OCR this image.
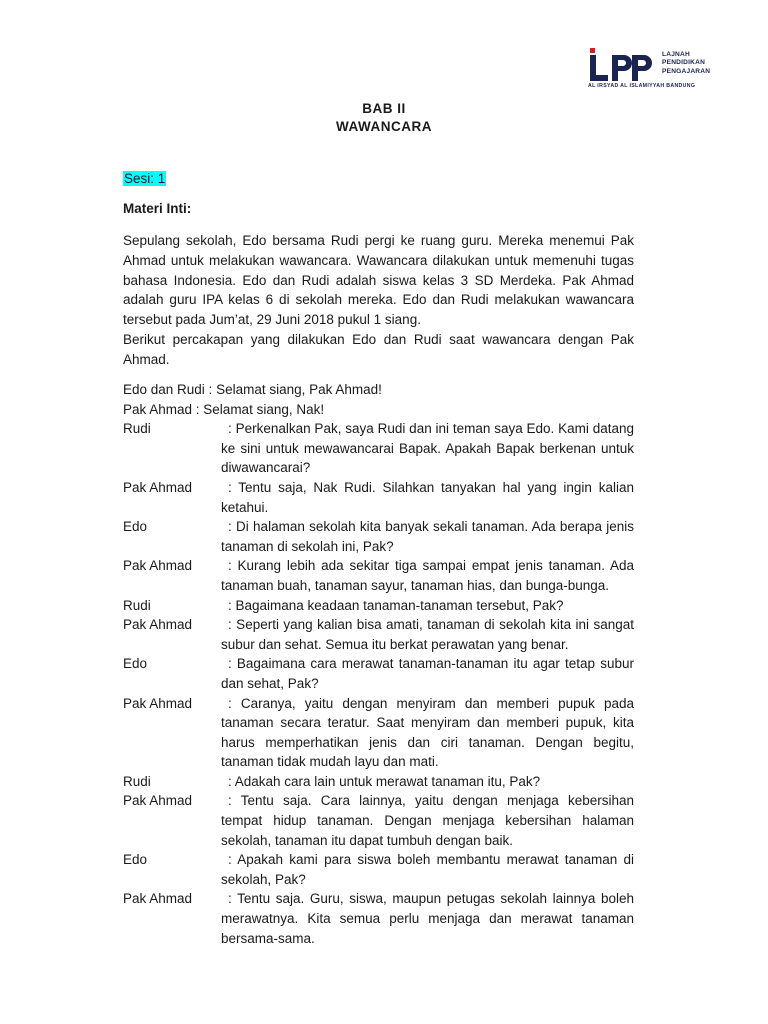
LAJNAH
PENDIDIKAN
PENGAJARAN
AL IRSYAD AL ISLAMIYYAH BANDUNG
BAB II
WAWANCARA
Sesi: 1
Materi Inti:
Sepulang sekolah, Edo bersama Rudi pergi ke ruang guru. Mereka menemui Pak Ahmad untuk melakukan wawancara. Wawancara dilakukan untuk memenuhi tugas bahasa Indonesia. Edo dan Rudi adalah siswa kelas 3 SD Merdeka. Pak Ahmad adalah guru IPA kelas 6 di sekolah mereka. Edo dan Rudi melakukan wawancara tersebut pada Jum’at, 29 Juni 2018 pukul 1 siang.
Berikut percakapan yang dilakukan Edo dan Rudi saat wawancara dengan Pak Ahmad.
Edo dan Rudi : Selamat siang, Pak Ahmad!
Pak Ahmad : Selamat siang, Nak!
Rudi	: Perkenalkan Pak, saya Rudi dan ini teman saya Edo. Kami datang ke sini untuk mewawancarai Bapak. Apakah Bapak berkenan untuk diwawancarai?
Pak Ahmad	: Tentu saja, Nak Rudi. Silahkan tanyakan hal yang ingin kalian ketahui.
Edo	: Di halaman sekolah kita banyak sekali tanaman. Ada berapa jenis tanaman di sekolah ini, Pak?
Pak Ahmad	: Kurang lebih ada sekitar tiga sampai empat jenis tanaman. Ada tanaman buah, tanaman sayur, tanaman hias, dan bunga-bunga.
Rudi	: Bagaimana keadaan tanaman-tanaman tersebut, Pak?
Pak Ahmad	: Seperti yang kalian bisa amati, tanaman di sekolah kita ini sangat subur dan sehat. Semua itu berkat perawatan yang benar.
Edo	: Bagaimana cara merawat tanaman-tanaman itu agar tetap subur dan sehat, Pak?
Pak Ahmad	: Caranya, yaitu dengan menyiram dan memberi pupuk pada tanaman secara teratur. Saat menyiram dan memberi pupuk, kita harus memperhatikan jenis dan ciri tanaman. Dengan begitu, tanaman tidak mudah layu dan mati.
Rudi	: Adakah cara lain untuk merawat tanaman itu, Pak?
Pak Ahmad	: Tentu saja. Cara lainnya, yaitu dengan menjaga kebersihan tempat hidup tanaman. Dengan menjaga kebersihan halaman sekolah, tanaman itu dapat tumbuh dengan baik.
Edo	: Apakah kami para siswa boleh membantu merawat tanaman di sekolah, Pak?
Pak Ahmad	: Tentu saja. Guru, siswa, maupun petugas sekolah lainnya boleh merawatnya. Kita semua perlu menjaga dan merawat tanaman bersama-sama.
